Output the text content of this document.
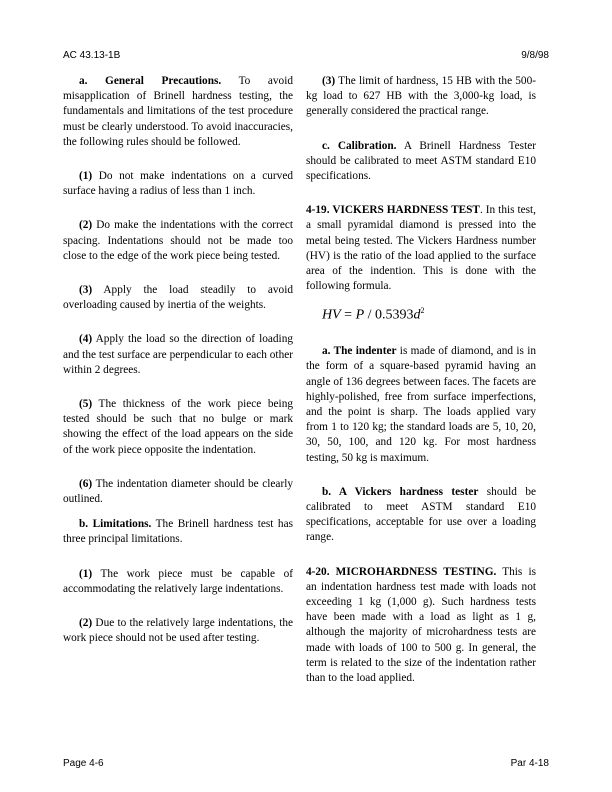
AC 43.13-1B	9/8/98

a. General Precautions. To avoid misapplication of Brinell hardness testing, the fundamentals and limitations of the test procedure must be clearly understood. To avoid inaccuracies, the following rules should be followed.

(1) Do not make indentations on a curved surface having a radius of less than 1 inch.

(2) Do make the indentations with the correct spacing. Indentations should not be made too close to the edge of the work piece being tested.

(3) Apply the load steadily to avoid overloading caused by inertia of the weights.

(4) Apply the load so the direction of loading and the test surface are perpendicular to each other within 2 degrees.

(5) The thickness of the work piece being tested should be such that no bulge or mark showing the effect of the load appears on the side of the work piece opposite the indentation.

(6) The indentation diameter should be clearly outlined.

b. Limitations. The Brinell hardness test has three principal limitations.

(1) The work piece must be capable of accommodating the relatively large indentations.

(2) Due to the relatively large indentations, the work piece should not be used after testing.

(3) The limit of hardness, 15 HB with the 500-kg load to 627 HB with the 3,000-kg load, is generally considered the practical range.

c. Calibration. A Brinell Hardness Tester should be calibrated to meet ASTM standard E10 specifications.

4-19. VICKERS HARDNESS TEST. In this test, a small pyramidal diamond is pressed into the metal being tested. The Vickers Hardness number (HV) is the ratio of the load applied to the surface area of the indention. This is done with the following formula.

HV = P / $0.5393d^2$

a. The indenter is made of diamond, and is in the form of a square-based pyramid having an angle of 136 degrees between faces. The facets are highly-polished, free from surface imperfections, and the point is sharp. The loads applied vary from 1 to 120 kg; the standard loads are 5, 10, 20, 30, 50, 100, and 120 kg. For most hardness testing, 50 kg is maximum.

b. A Vickers hardness tester should be calibrated to meet ASTM standard E10 specifications, acceptable for use over a loading range.

4-20. MICROHARDNESS TESTING. This is an indentation hardness test made with loads not exceeding 1 kg (1,000 g). Such hardness tests have been made with a load as light as 1 g, although the majority of microhardness tests are made with loads of 100 to 500 g. In general, the term is related to the size of the indentation rather than to the load applied.

Page 4-6	Par 4-18
